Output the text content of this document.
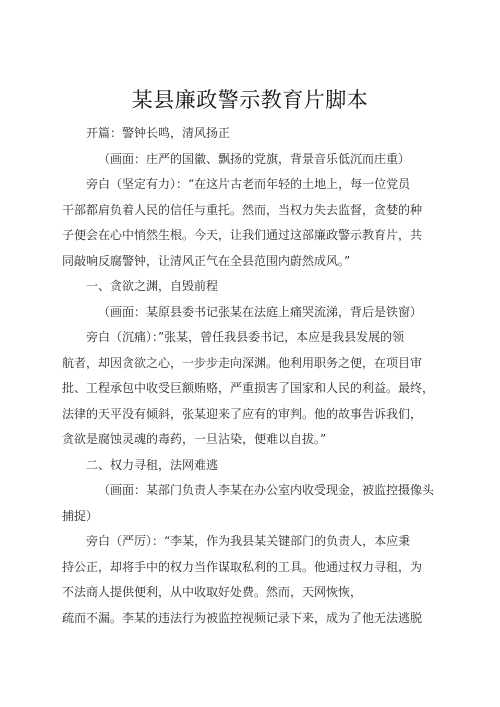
某县廉政警示教育片脚本

开篇：警钟长鸣，清风扬正

（画面：庄严的国徽、飘扬的党旗，背景音乐低沉而庄重）

旁白（坚定有力）：“在这片古老而年轻的土地上，每一位党员

干部都肩负着人民的信任与重托。然而，当权力失去监督，贪婪的种

子便会在心中悄然生根。今天，让我们通过这部廉政警示教育片，共

同敲响反腐警钟，让清风正气在全县范围内蔚然成风。”

一、贪欲之渊，自毁前程

（画面：某原县委书记张某在法庭上痛哭流涕，背后是铁窗）

旁白（沉痛）：”张某，曾任我县委书记，本应是我县发展的领

航者，却因贪欲之心，一步步走向深渊。他利用职务之便，在项目审

批、工程承包中收受巨额贿赂，严重损害了国家和人民的利益。最终，

法律的天平没有倾斜，张某迎来了应有的审判。他的故事告诉我们，

贪欲是腐蚀灵魂的毒药，一旦沾染，便难以自拔。”

二、权力寻租，法网难逃

（画面：某部门负责人李某在办公室内收受现金，被监控摄像头

捕捉）

旁白（严厉）：“李某，作为我县某关键部门的负责人，本应秉

持公正，却将手中的权力当作谋取私利的工具。他通过权力寻租，为

不法商人提供便利，从中收取好处费。然而，天网恢恢，

疏而不漏。李某的违法行为被监控视频记录下来，成为了他无法逃脱
